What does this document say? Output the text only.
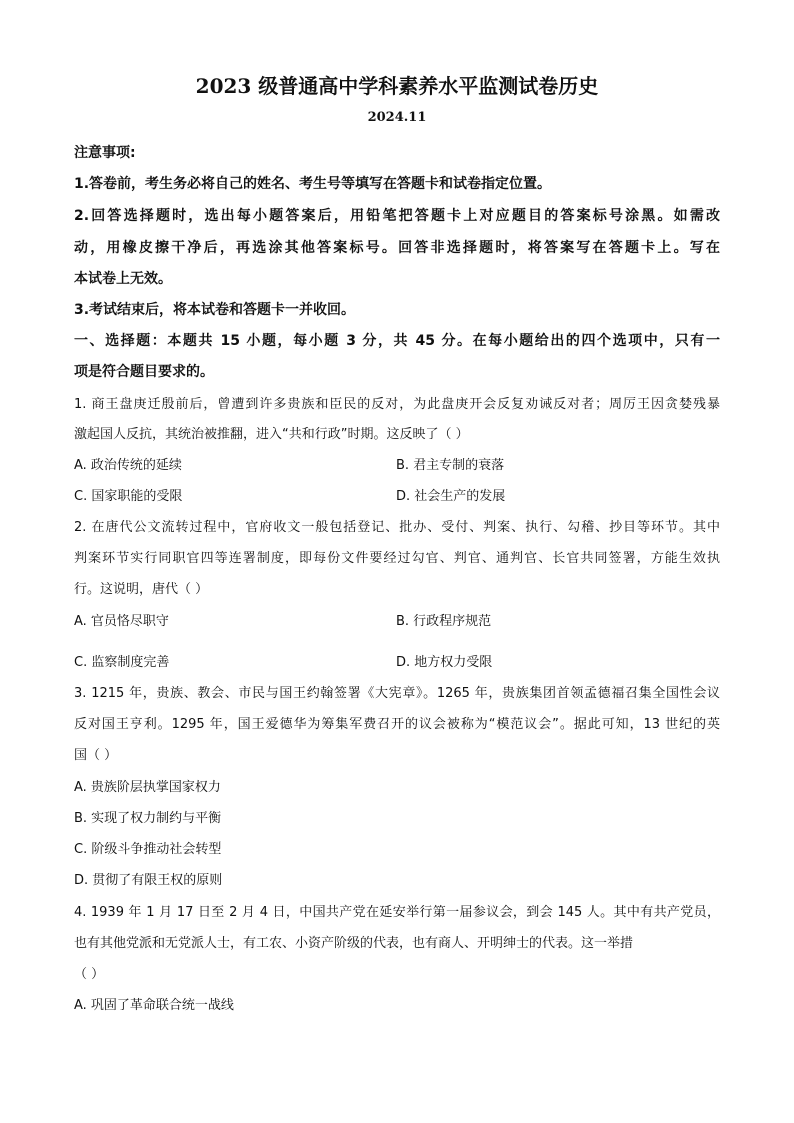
2023 级普通高中学科素养水平监测试卷历史
2024.11
注意事项:
1.答卷前，考生务必将自己的姓名、考生号等填写在答题卡和试卷指定位置。
2.回答选择题时，选出每小题答案后，用铅笔把答题卡上对应题目的答案标号涂黑。如需改
动，用橡皮擦干净后，再选涂其他答案标号。回答非选择题时，将答案写在答题卡上。写在
本试卷上无效。
3.考试结束后，将本试卷和答题卡一并收回。
一、选择题：本题共 15 小题，每小题 3 分，共 45 分。在每小题给出的四个选项中，只有一
项是符合题目要求的。
1. 商王盘庚迁殷前后，曾遭到许多贵族和臣民的反对，为此盘庚开会反复劝诫反对者；周厉王因贪婪残暴
激起国人反抗，其统治被推翻，进入“共和行政”时期。这反映了（ ）
A. 政治传统的延续	B. 君主专制的衰落
C. 国家职能的受限	D. 社会生产的发展
2. 在唐代公文流转过程中，官府收文一般包括登记、批办、受付、判案、执行、勾稽、抄目等环节。其中
判案环节实行同职官四等连署制度，即每份文件要经过勾官、判官、通判官、长官共同签署，方能生效执
行。这说明，唐代（ ）
A. 官员恪尽职守	B. 行政程序规范
C. 监察制度完善	D. 地方权力受限
3. 1215 年，贵族、教会、市民与国王约翰签署《大宪章》。1265 年，贵族集团首领孟德福召集全国性会议
反对国王亨利。1295 年，国王爱德华为筹集军费召开的议会被称为“模范议会”。据此可知，13 世纪的英
国（ ）
A. 贵族阶层执掌国家权力
B. 实现了权力制约与平衡
C. 阶级斗争推动社会转型
D. 贯彻了有限王权的原则
4. 1939 年 1 月 17 日至 2 月 4 日，中国共产党在延安举行第一届参议会，到会 145 人。其中有共产党员，
也有其他党派和无党派人士，有工农、小资产阶级的代表，也有商人、开明绅士的代表。这一举措
（ ）
A. 巩固了革命联合统一战线
